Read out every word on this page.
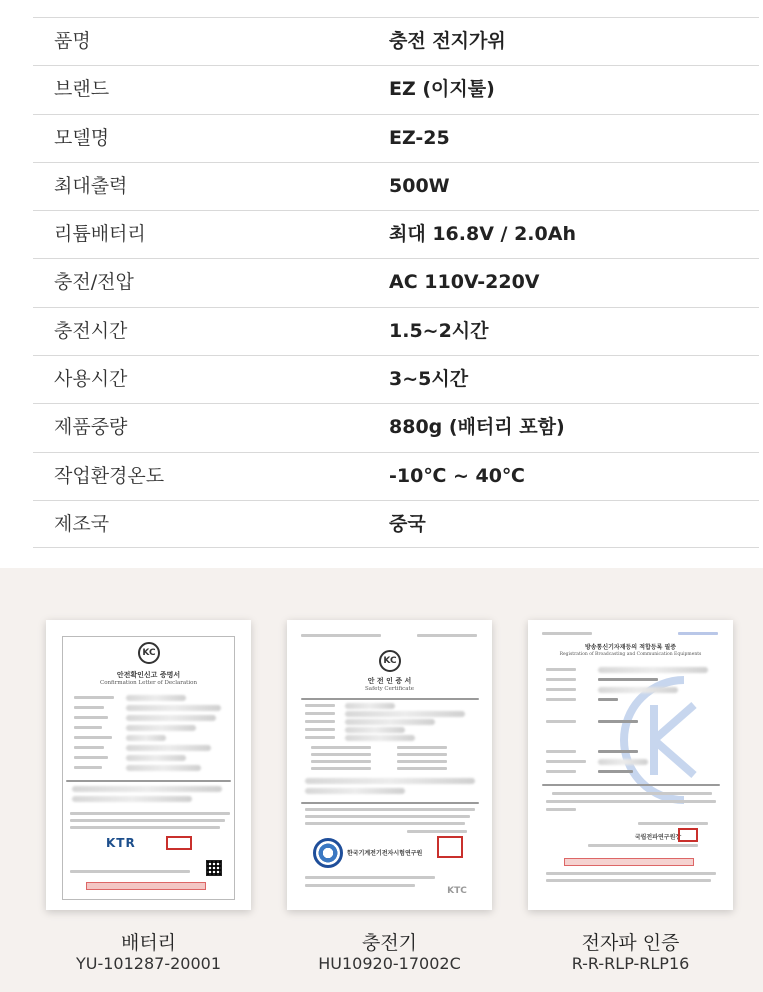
품명	충전 전지가위
브랜드	EZ (이지툴)
모델명	EZ-25
최대출력	500W
리튬배터리	최대 16.8V / 2.0Ah
충전/전압	AC 110V-220V
충전시간	1.5~2시간
사용시간	3~5시간
제품중량	880g (배터리 포함)
작업환경온도	-10℃ ~ 40℃
제조국	중국
KC
안전확인신고 증명서
Confirmation Letter of Declaration
KTR
배터리
YU-101287-20001
KC
안 전 인 증 서
Safety Certificate
한국기계전기전자시험연구원
KTC
충전기
HU10920-17002C
방송통신기자재등의 적합등록 필증
Registration of Broadcasting and Communication Equipments
국립전파연구원장
전자파 인증
R-R-RLP-RLP16
